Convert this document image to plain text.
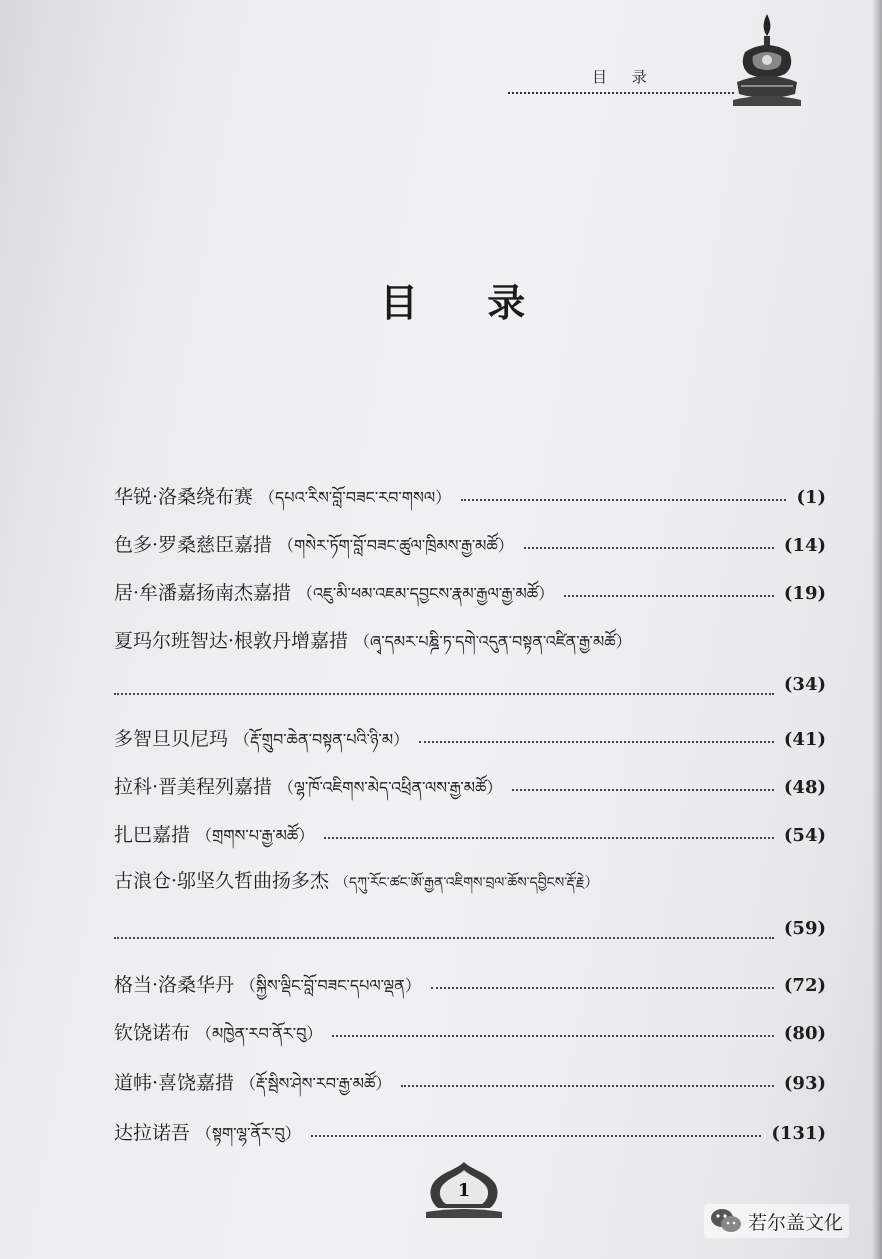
目 录
目 录
华锐·洛桑绕布赛 （དཔའ་རིས་བློ་བཟང་རབ་གསལ）	(1)
色多·罗桑慈臣嘉措 （གསེར་ཏོག་བློ་བཟང་ཚུལ་ཁྲིམས་རྒྱ་མཚོ）	(14)
居·牟潘嘉扬南杰嘉措 （འཇུ་མི་ཕམ་འཇམ་དབྱངས་རྣམ་རྒྱལ་རྒྱ་མཚོ）	(19)
夏玛尔班智达·根敦丹增嘉措 （ཞྭ་དམར་པཎྜི་ཏ་དགེ་འདུན་བསྟན་འཛིན་རྒྱ་མཚོ）
(34)
多智旦贝尼玛 （རྡོ་གྲུབ་ཆེན་བསྟན་པའི་ཉི་མ）	(41)
拉科·晋美程列嘉措 （ལྷ་ཁོ་འཇིགས་མེད་འཕྲིན་ལས་རྒྱ་མཚོ）	(48)
扎巴嘉措 （གྲགས་པ་རྒྱ་མཚོ）	(54)
古浪仓·邬坚久哲曲扬多杰 （དཀུ་རོང་ཚང་ཨོ་རྒྱན་འཇིགས་བྲལ་ཆོས་དབྱིངས་རྡོ་རྗེ）
(59)
格当·洛桑华丹 （སྐྱིས་ལྡིང་བློ་བཟང་དཔལ་ལྡན）	(72)
钦饶诺布 （མཁྱེན་རབ་ནོར་བུ）	(80)
道帏·喜饶嘉措 （རྡོ་སྦིས་ཤེས་རབ་རྒྱ་མཚོ）	(93)
达拉诺吾 （སྟག་ལྷ་ནོར་བུ）	(131)
1
若尔盖文化
